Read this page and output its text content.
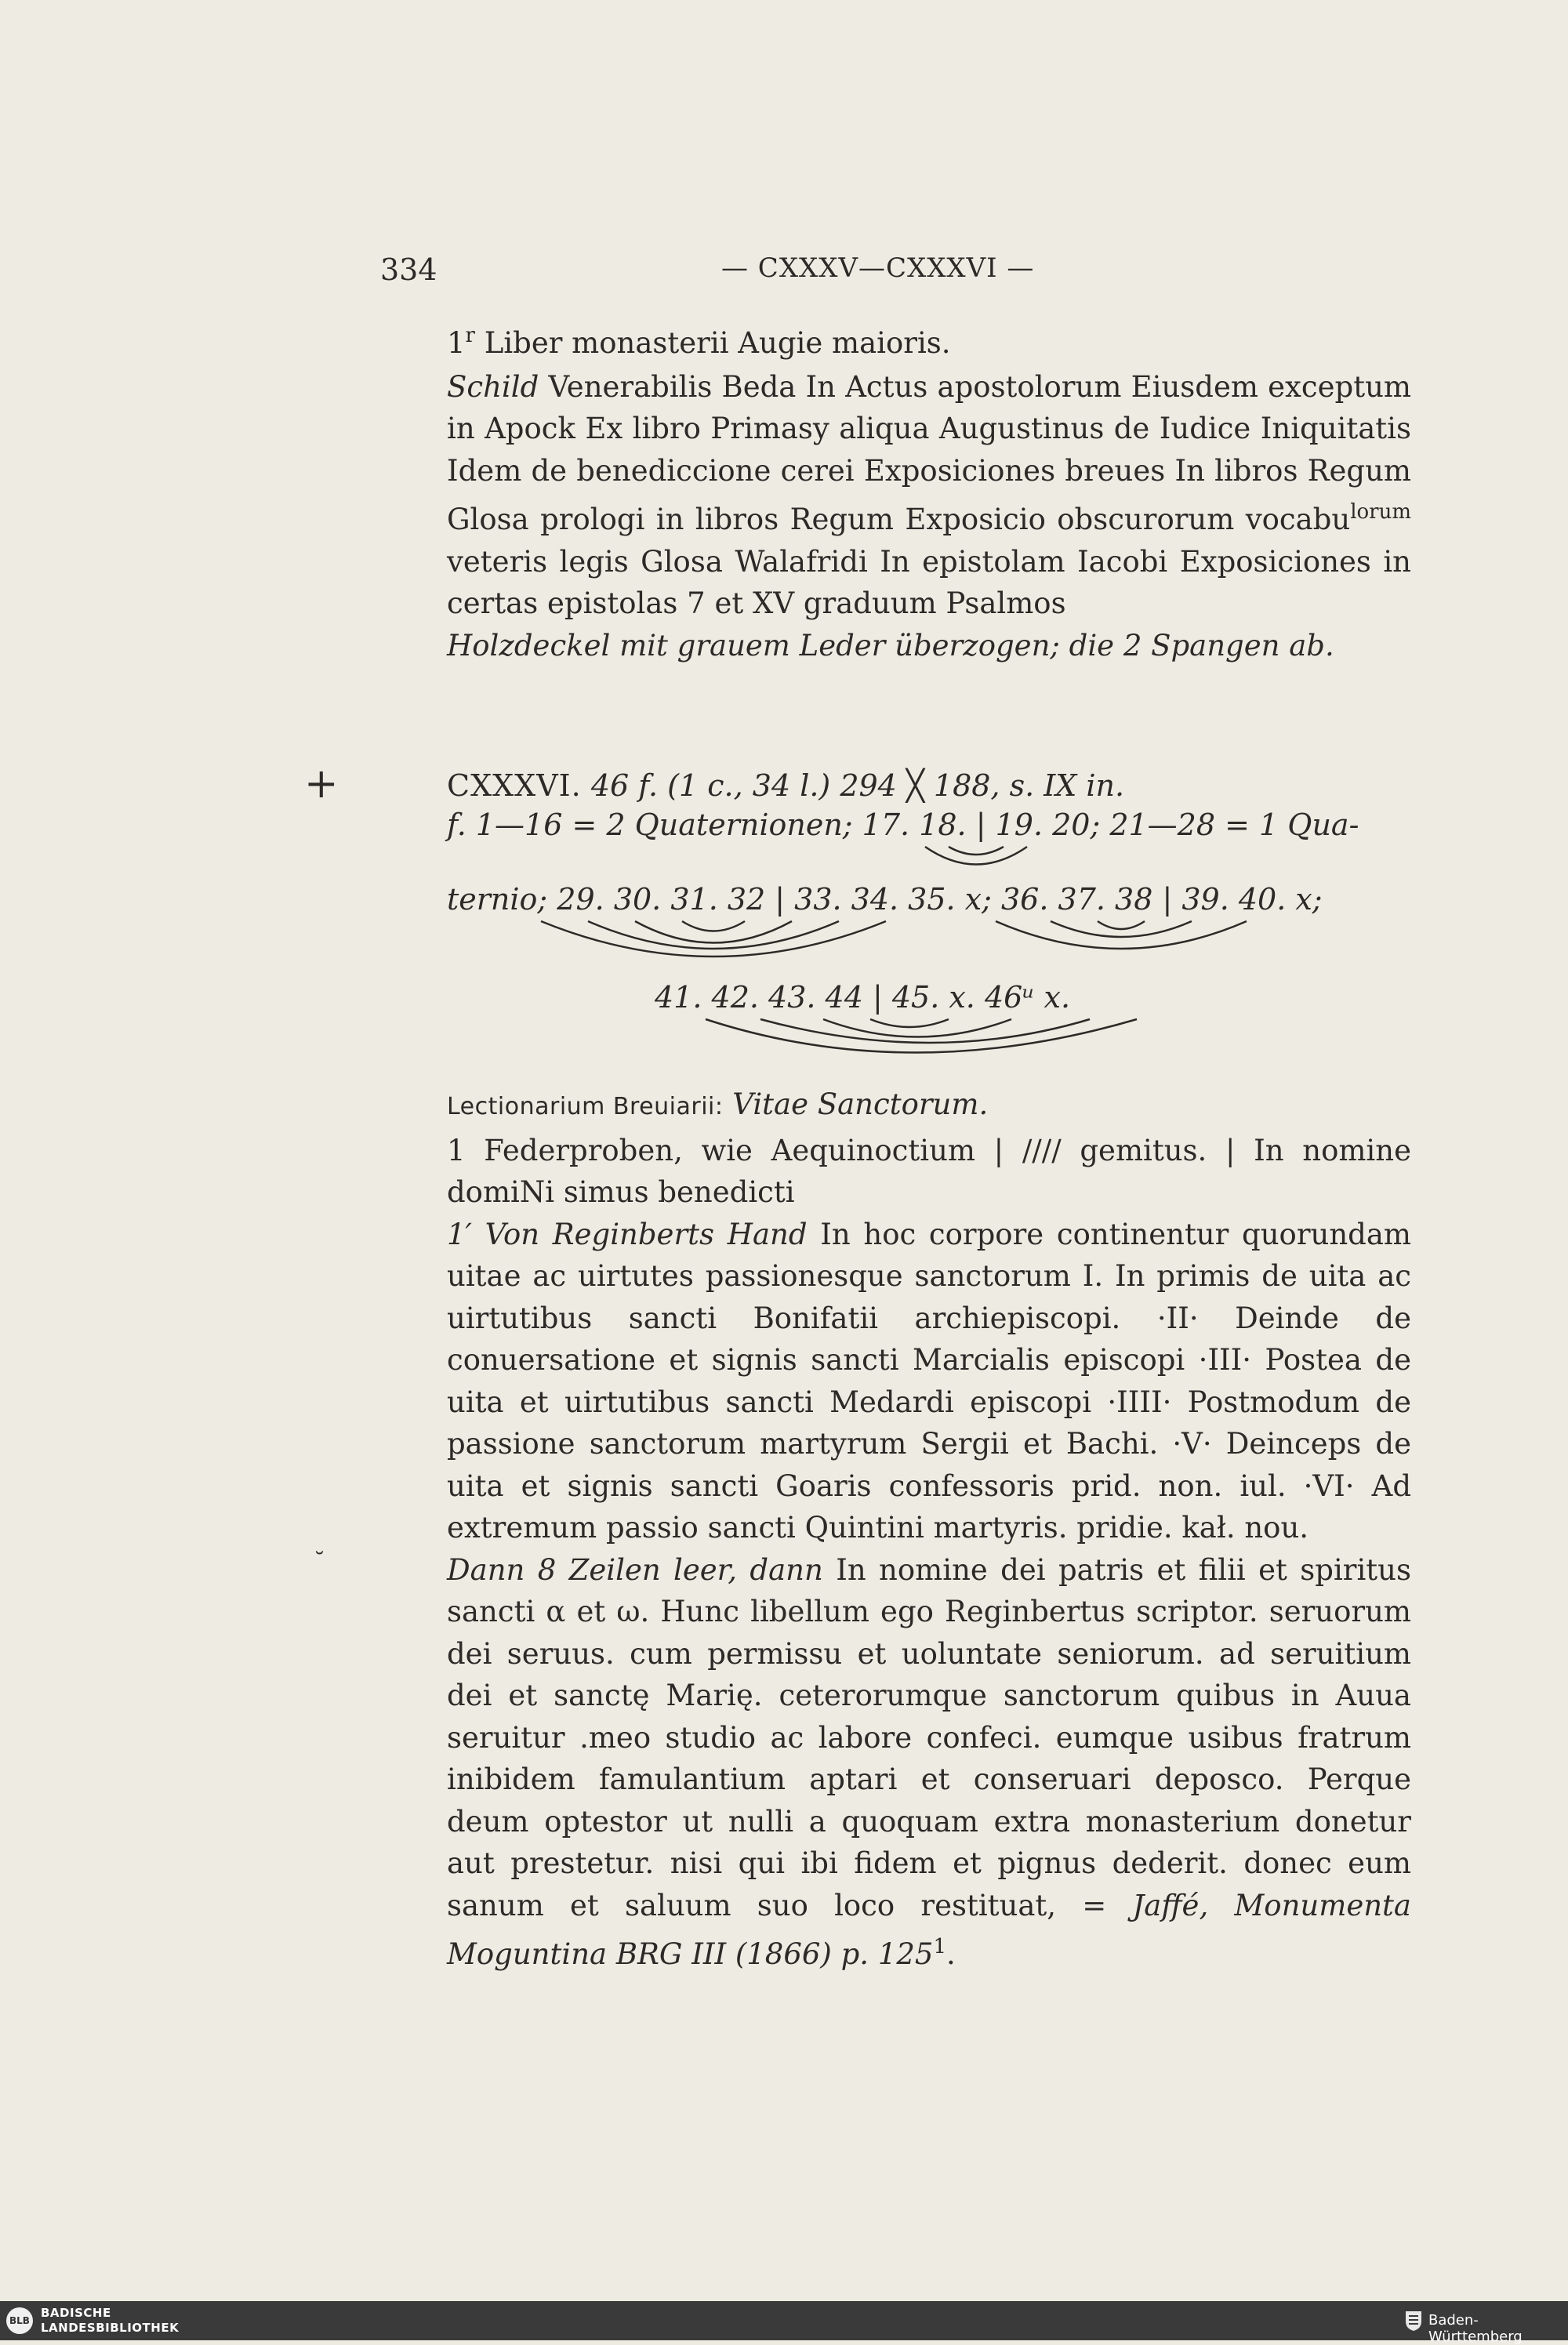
334	— CXXXV—CXXXVI —

1$^r$ Liber monasterii Augie maioris.

Schild Venerabilis Beda In Actus apostolorum Eiusdem exceptum in Apock Ex libro Primasy aliqua Augustinus de Iudice Iniquitatis Idem de benediccione cerei Exposiciones breues In libros Regum Glosa prologi in libros Regum Exposicio obscurorum vocabu$^{lorum}$ veteris legis Glosa Walafridi In epistolam Iacobi Exposiciones in certas epistolas 7 et XV graduum Psalmos

Holzdeckel mit grauem Leder überzogen; die 2 Spangen ab.

+
˘
CXXXVI. 46 f. (1 c., 34 l.) 294 ╳ 188, s. IX in.
f. 1—16 = 2 Quaternionen; 17. 18. | 19. 20; 21—28 = 1 Qua-
ternio; 29. 30. 31. 32 | 33. 34. 35. x; 36. 37. 38 | 39. 40. x;
41. 42. 43. 44 | 45. x. 46ᵘ x.

Lectionarium Breuiarii: Vitae Sanctorum.

1 Federproben, wie Aequinoctium | //// gemitus. | In nomine domiNi simus benedicti

1′ Von Reginberts Hand In hoc corpore continentur quorundam uitae ac uirtutes passionesque sanctorum I. In primis de uita ac uirtutibus sancti Bonifatii archiepiscopi. ·II· Deinde de conuersatione et signis sancti Marcialis episcopi ·III· Postea de uita et uirtutibus sancti Medardi episcopi ·IIII· Postmodum de passione sanctorum martyrum Sergii et Bachi. ·V· Deinceps de uita et signis sancti Goaris confessoris prid. non. iul. ·VI· Ad extremum passio sancti Quintini martyris. pridie. kał. nou.

Dann 8 Zeilen leer, dann In nomine dei patris et filii et spiritus sancti α et ω. Hunc libellum ego Reginbertus scriptor. seruorum dei seruus. cum permissu et uoluntate seniorum. ad seruitium dei et sanctę Marię. ceterorumque sanctorum quibus in Auua seruitur .meo studio ac labore confeci. eumque usibus fratrum inibidem famulantium aptari et conseruari deposco. Perque deum optestor ut nulli a quoquam extra monasterium donetur aut prestetur. nisi qui ibi fidem et pignus dederit. donec eum sanum et saluum suo loco restituat, = Jaffé, Monumenta Moguntina BRG III (1866) p. $125^1$.

BLB
BADISCHE
LANDESBIBLIOTHEK	Baden-Württemberg
